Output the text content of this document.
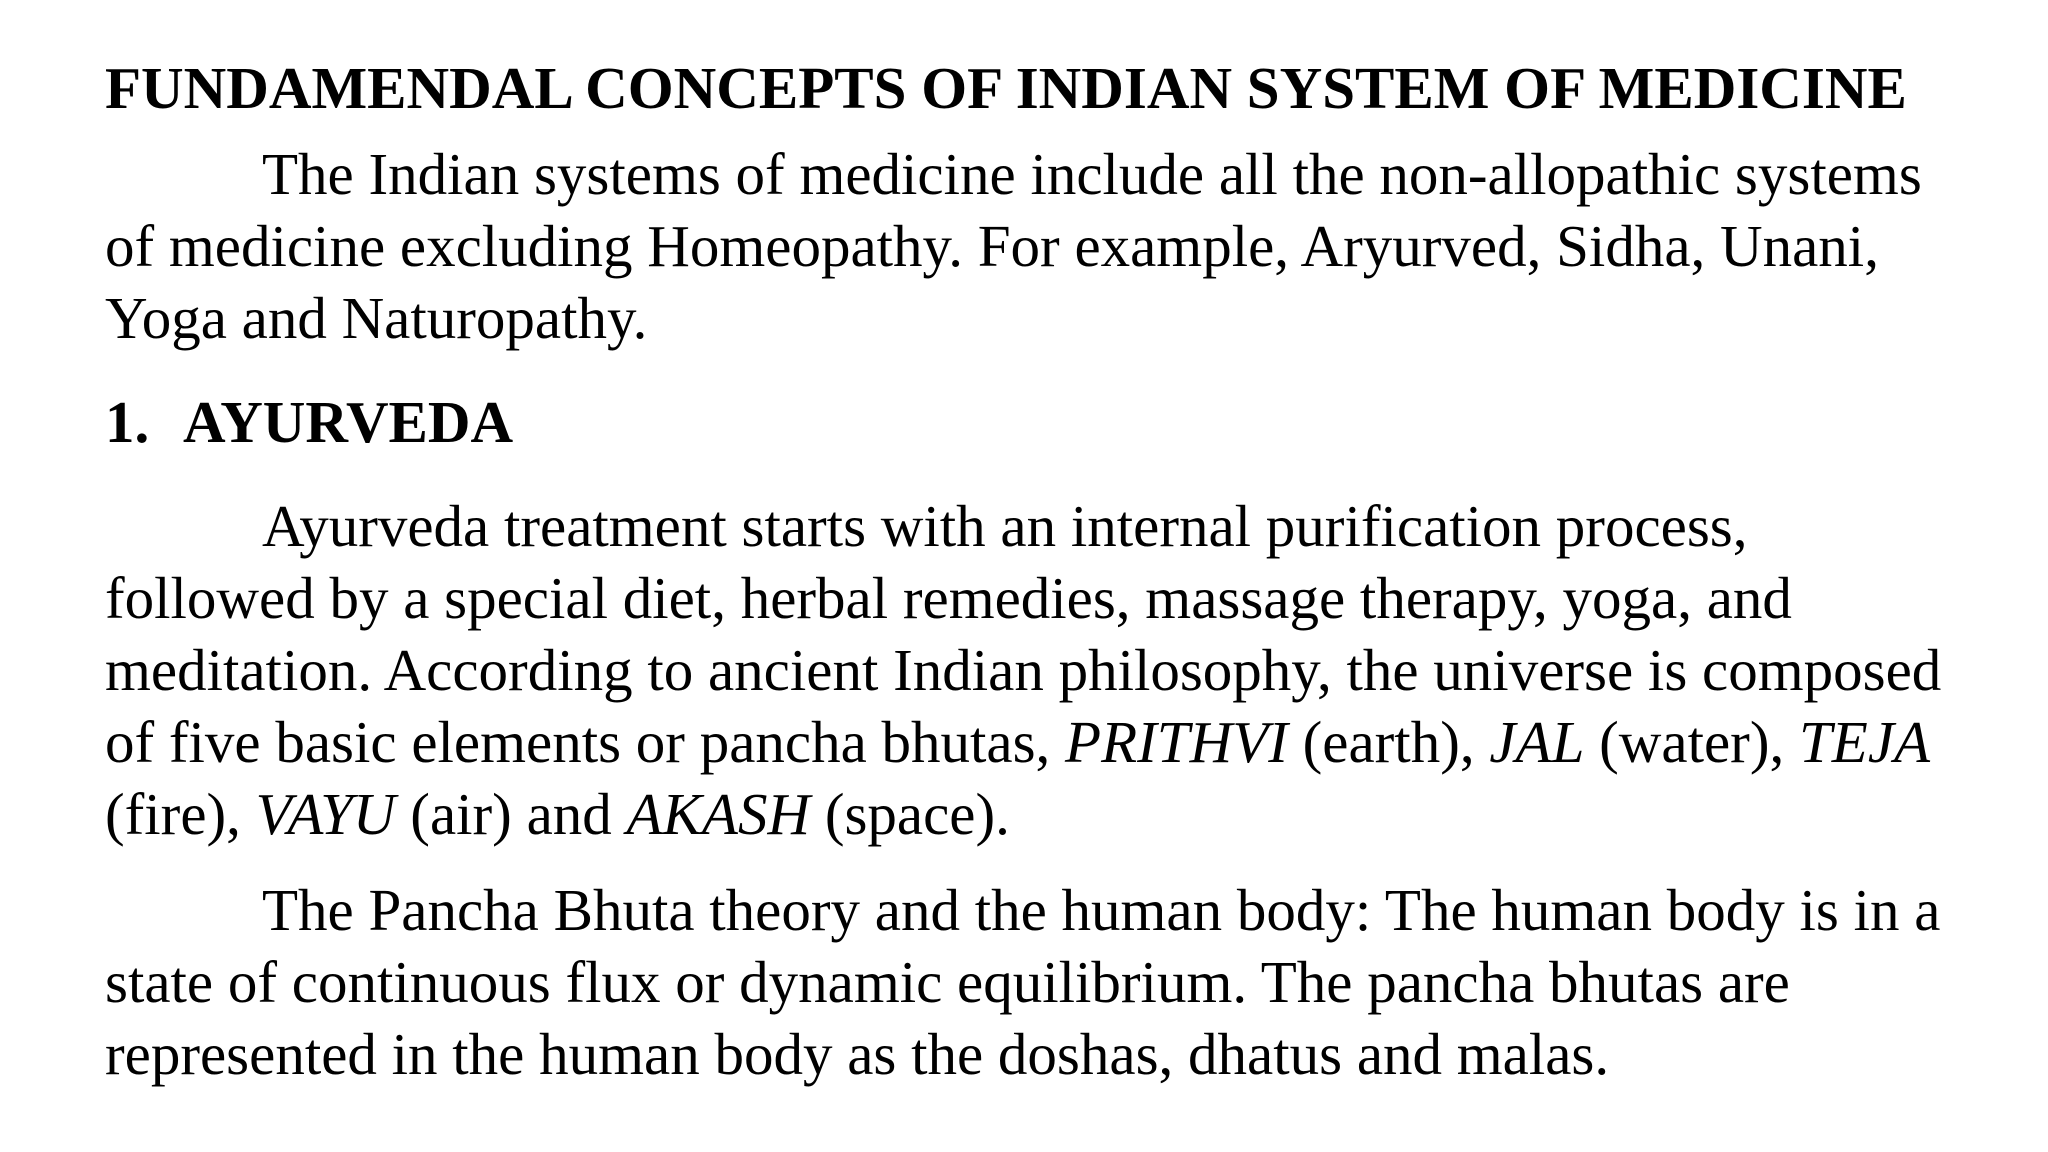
FUNDAMENDAL CONCEPTS OF INDIAN SYSTEM OF MEDICINE

The Indian systems of medicine include all the non-allopathic systems
of medicine excluding Homeopathy. For example, Aryurved, Sidha, Unani,
Yoga and Naturopathy.

1. AYURVEDA

Ayurveda treatment starts with an internal purification process,
followed by a special diet, herbal remedies, massage therapy, yoga, and
meditation. According to ancient Indian philosophy, the universe is composed
of five basic elements or pancha bhutas, PRITHVI (earth), JAL (water), TEJA
(fire), VAYU (air) and AKASH (space).

The Pancha Bhuta theory and the human body: The human body is in a
state of continuous flux or dynamic equilibrium. The pancha bhutas are
represented in the human body as the doshas, dhatus and malas.
